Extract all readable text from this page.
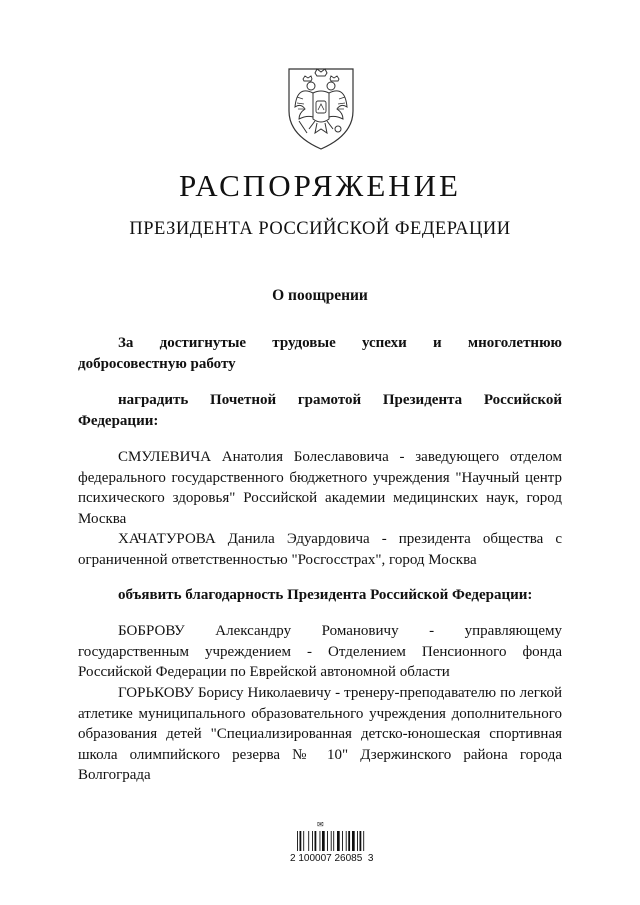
РАСПОРЯЖЕНИЕ
ПРЕЗИДЕНТА РОССИЙСКОЙ ФЕДЕРАЦИИ
О поощрении

За достигнутые трудовые успехи и многолетнюю добросовестную работу

наградить Почетной грамотой Президента Российской Федерации:

СМУЛЕВИЧА Анатолия Болеславовича - заведующего отделом федерального государственного бюджетного учреждения "Научный центр психического здоровья" Российской академии медицинских наук, город Москва

ХАЧАТУРОВА Данила Эдуардовича - президента общества с ограниченной ответственностью "Росгосстрах", город Москва

объявить благодарность Президента Российской Федерации:

БОБРОВУ Александру Романовичу - управляющему государственным учреждением - Отделением Пенсионного фонда Российской Федерации по Еврейской автономной области

ГОРЬКОВУ Борису Николаевичу - тренеру-преподавателю по легкой атлетике муниципального образовательного учреждения дополнительного образования детей "Специализированная детско-юношеская спортивная школа олимпийского резерва № 10" Дзержинского района города Волгограда

✉
2 100007 26085  3
